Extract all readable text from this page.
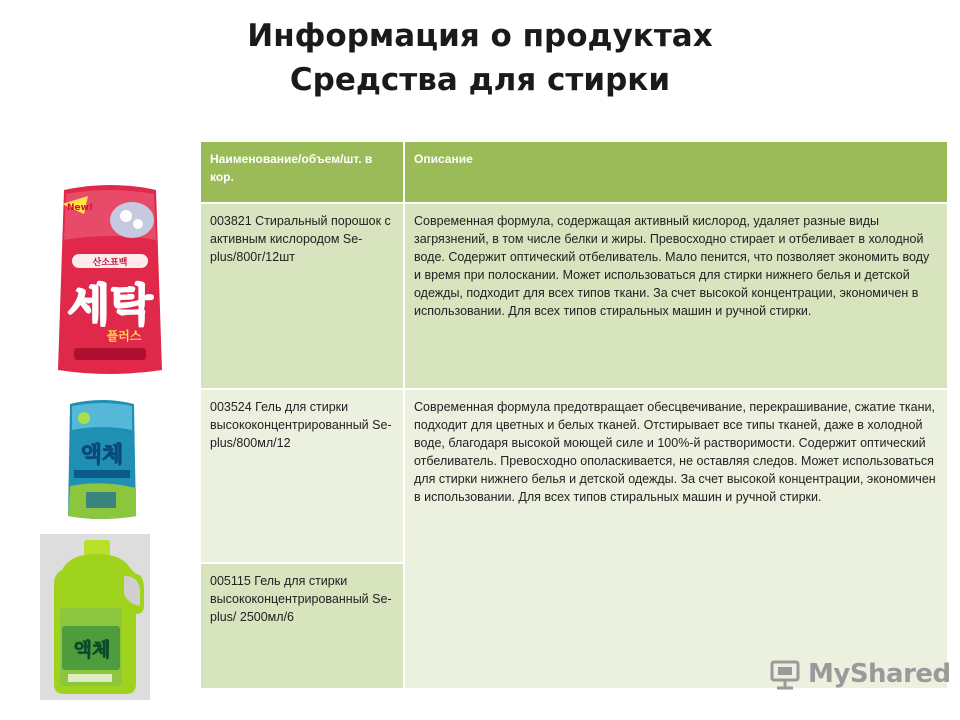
Информация о продуктах
Средства для стирки
New!
산소표백
세탁
플러스
액체
액체
Наименование/объем/шт. в кор.
Описание
003821 Стиральный порошок с активным кислородом Se-plus/800г/12шт
Современная формула, содержащая активный кислород, удаляет разные виды загрязнений, в том числе белки и жиры. Превосходно стирает и отбеливает в холодной воде. Содержит оптический отбеливатель. Мало пенится, что позволяет экономить воду и время при полоскании. Может использоваться для стирки нижнего белья и детской одежды, подходит для всех типов ткани. За счет высокой концентрации, экономичен в использовании. Для всех типов стиральных машин и ручной стирки.
003524 Гель для стирки высококонцентрированный Se-plus/800мл/12
Современная формула предотвращает обесцвечивание, перекрашивание, сжатие ткани, подходит для цветных и белых тканей. Отстирывает все типы тканей, даже в холодной воде, благодаря высокой моющей силе и 100%-й растворимости. Содержит оптический отбеливатель. Превосходно ополаскивается, не оставляя следов. Может использоваться для стирки нижнего белья и детской одежды. За счет высокой концентрации, экономичен в использовании. Для всех типов стиральных машин и ручной стирки.
005115 Гель для стирки высококонцентрированный Se-plus/ 2500мл/6
MyShared
